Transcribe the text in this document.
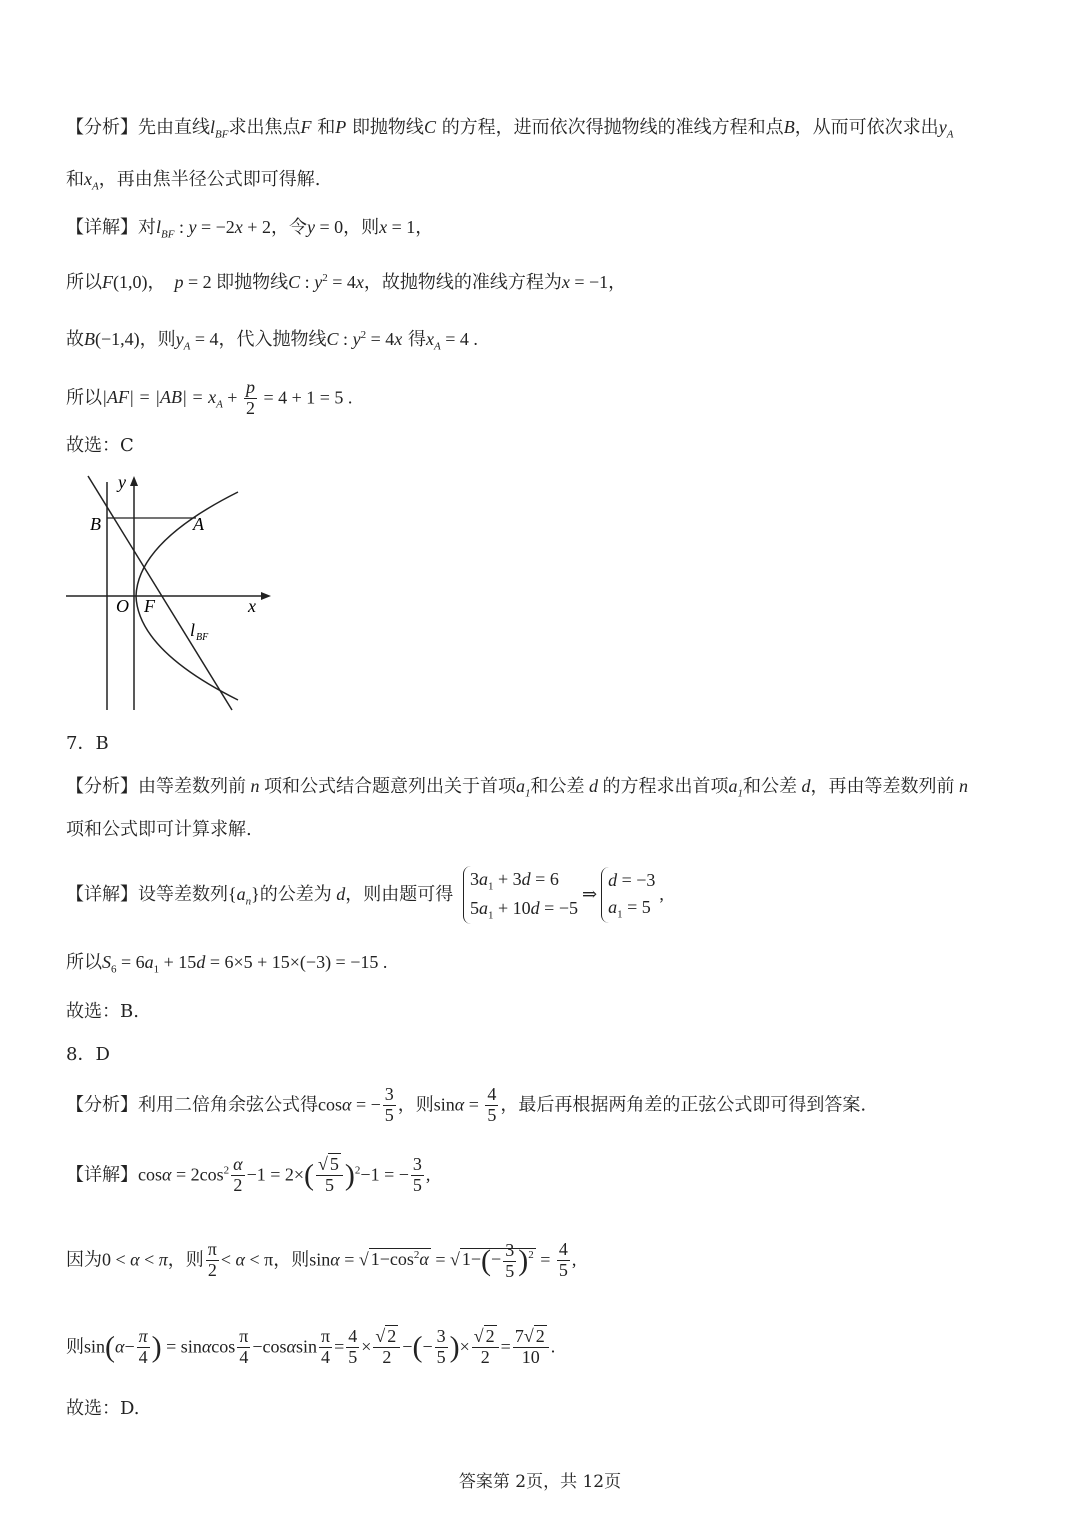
【分析】先由直线$l_{BF}$求出焦点F 和P 即抛物线C 的方程，进而依次得抛物线的准线方程和点B，从而可依次求出$y_A$
和$x_A$，再由焦半径公式即可得解.
【详解】对$l_{BF}$ : y = −2x + 2，令y = 0，则x = 1，
所以F(1,0)，  p = 2 即抛物线C : $y^2 = 4x$，故抛物线的准线方程为x = −1，
故B(−1,4)，则$y_A = 4$，代入抛物线C : $y^2 = 4x$ 得$x_A = 4$ .
所以$|AF| = |AB| = x_A + \frac{p}{2} = 4 + 1 = 5$ .
故选：C
y
x
B	A
O F
l BF
7．B
【分析】由等差数列前 n 项和公式结合题意列出关于首项$a_1$和公差 d 的方程求出首项$a_1$和公差 d，再由等差数列前 n
项和公式即可计算求解.
【详解】设等差数列$\{a_n\}$的公差为 d，则由题可得
$3a_1 + 3d = 6$
$5a_1 + 10d = -5$
⇒
d = −3
$a_1 = 5$
,
所以$S_6 = 6a_1 + 15d = 6\times 5 + 15\times(-3) = -15$ .
故选：B.
8．D
【分析】利用二倍角余弦公式得cosα = − $\frac{3}{5}$ ，则$\sin\alpha = \frac{4}{5}$ ，最后再根据两角差的正弦公式即可得到答案.
【详解】$\cos\alpha = 2\cos^2 \frac{\alpha}{2} -1 = 2\times( \frac{√ 5}{5} )^2-1$ = − $\frac{3}{5}$ ,
因为0 < α < π，则 $\frac{\pi}{2} < \alpha < \pi$，则sinα = √ $1-\cos^2\alpha$ = √ $1-(- \frac{3}{5} )^2 = \frac{4}{5}$ ,
则$\sin(\alpha- \frac{\pi}{4}$ ) = sinαcos $\frac{\pi}{4} -\cos\alpha\sin \frac{\pi}{4} = \frac{4}{5} \times \frac{√ 2}{2}$ −(− $\frac{3}{5}$ )× $\frac{√ 2}{2} = \frac{7√ 2}{10}$ .
故选：D.
答案第 2页，共 12页
